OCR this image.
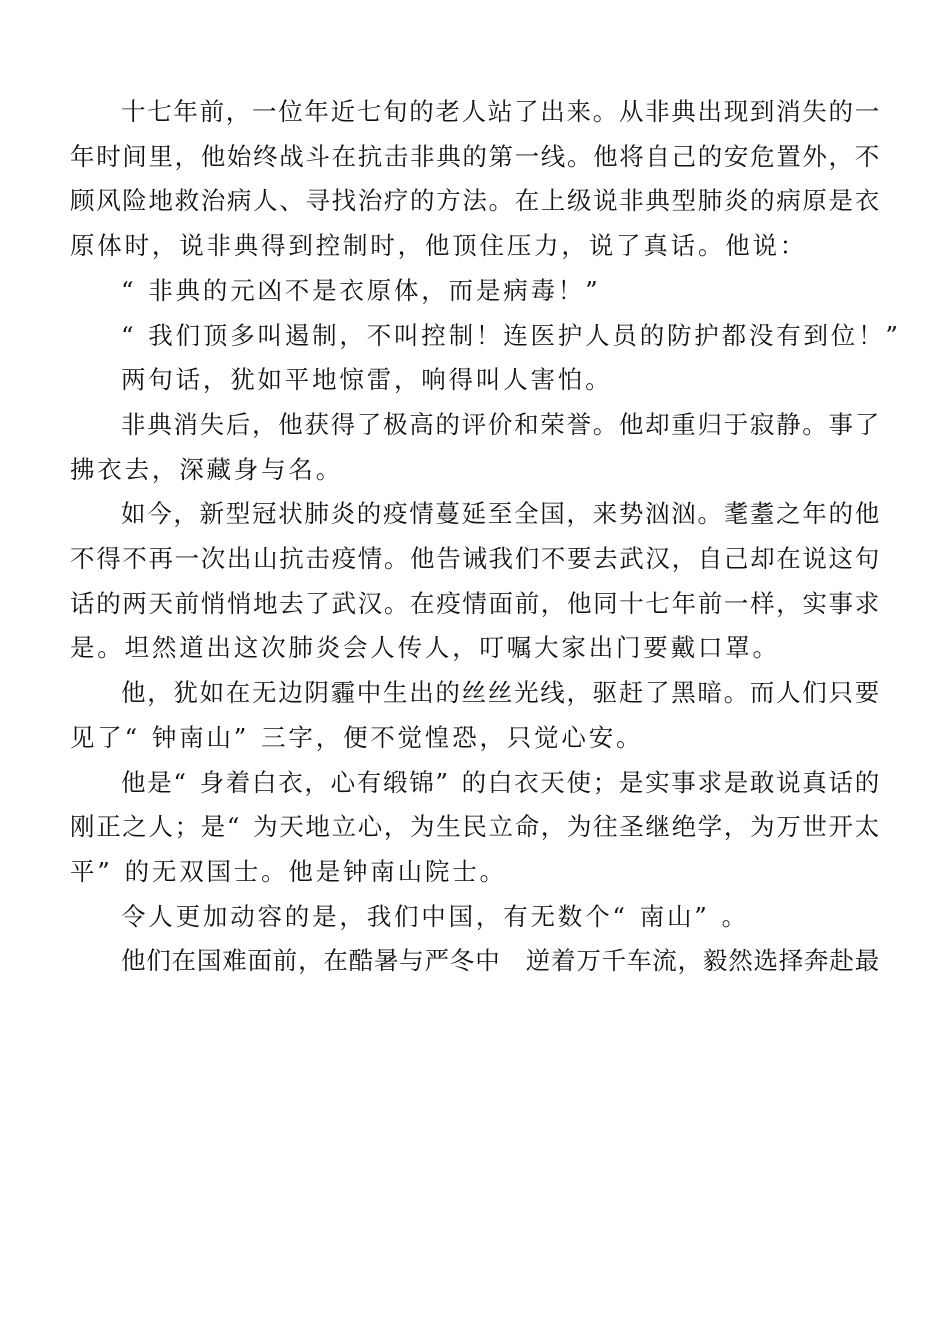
十 七 年 前 ， 一 位 年 近 七 旬 的 老 人 站 了 出 来 。 从 非 典 出 现 到 消 失 的 一
年 时 间 里 ， 他 始 终 战 斗 在 抗 击 非 典 的 第 一 线 。 他 将 自 己 的 安 危 置 外 ， 不
顾 风 险 地 救 治 病 人 、 寻 找 治 疗 的 方 法 。 在 上 级 说 非 典 型 肺 炎 的 病 原 是 衣
原 体 时 ， 说 非 典 得 到 控 制 时 ， 他 顶 住 压 力 ， 说 了 真 话 。 他 说 ：
“ 非 典 的 元 凶 不 是 衣 原 体 ， 而 是 病 毒 ！ ”
“ 我 们 顶 多 叫 遏 制 ， 不 叫 控 制 ！ 连 医 护 人 员 的 防 护 都 没 有 到 位 ！ ”
两 句 话 ， 犹 如 平 地 惊 雷 ， 响 得 叫 人 害 怕 。
非 典 消 失 后 ， 他 获 得 了 极 高 的 评 价 和 荣 誉 。 他 却 重 归 于 寂 静 。 事 了
拂 衣 去 ， 深 藏 身 与 名 。
如 今 ， 新 型 冠 状 肺 炎 的 疫 情 蔓 延 至 全 国 ， 来 势 汹 汹 。 耄 耋 之 年 的 他
不 得 不 再 一 次 出 山 抗 击 疫 情 。 他 告 诫 我 们 不 要 去 武 汉 ， 自 己 却 在 说 这 句
话 的 两 天 前 悄 悄 地 去 了 武 汉 。 在 疫 情 面 前 ， 他 同 十 七 年 前 一 样 ， 实 事 求
是 。 坦 然 道 出 这 次 肺 炎 会 人 传 人 ， 叮 嘱 大 家 出 门 要 戴 口 罩 。
他 ， 犹 如 在 无 边 阴 霾 中 生 出 的 丝 丝 光 线 ， 驱 赶 了 黑 暗 。 而 人 们 只 要
见 了 “ 钟 南 山 ” 三 字 ， 便 不 觉 惶 恐 ， 只 觉 心 安 。
他 是 “ 身 着 白 衣 ， 心 有 缎 锦 ” 的 白 衣 天 使 ； 是 实 事 求 是 敢 说 真 话 的
刚 正 之 人 ； 是 “ 为 天 地 立 心 ， 为 生 民 立 命 ， 为 往 圣 继 绝 学 ， 为 万 世 开 太
平 ” 的 无 双 国 士 。 他 是 钟 南 山 院 士 。
令 人 更 加 动 容 的 是 ， 我 们 中 国 ， 有 无 数 个 “ 南 山 ” 。
他 们 在 国 难 面 前 ， 在 酷 暑 与 严 冬 中 逆 着 万 千 车 流 ， 毅 然 选 择 奔 赴 最
